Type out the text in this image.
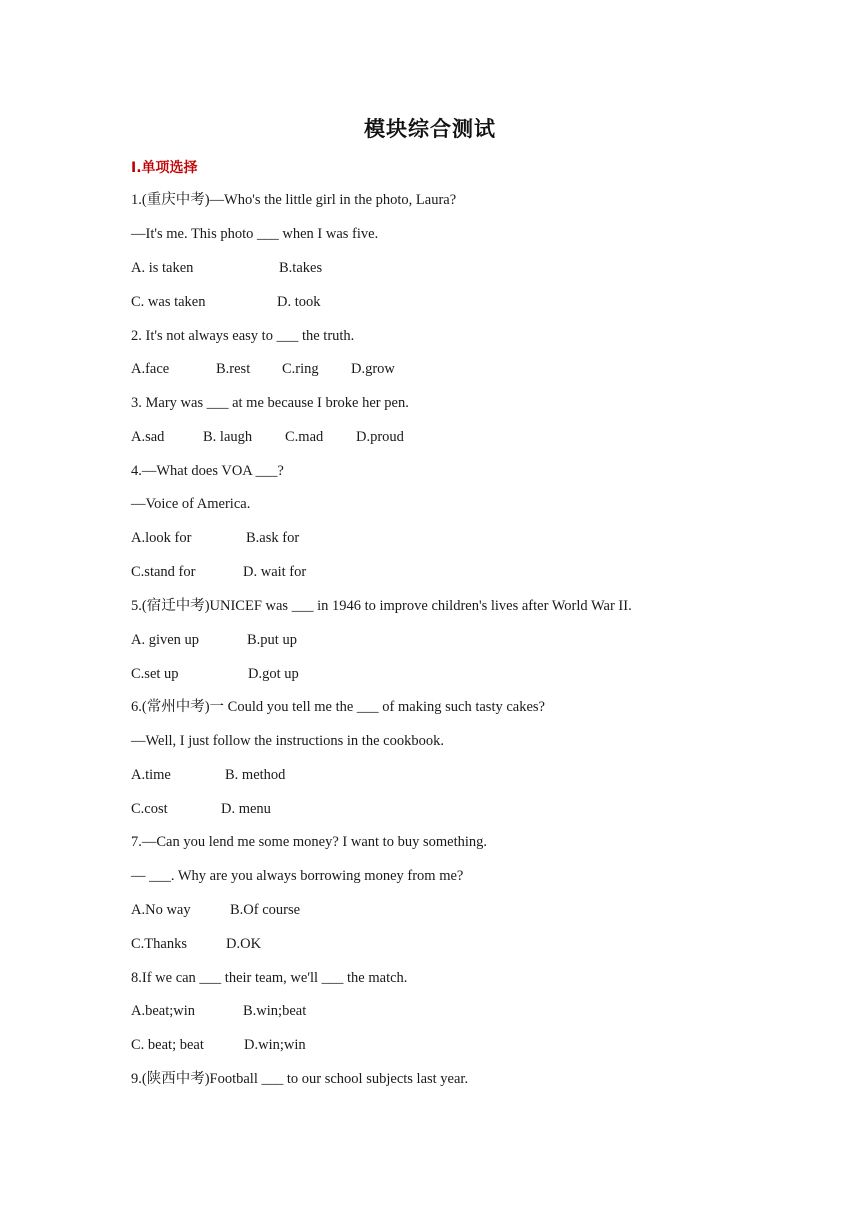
模块综合测试
I.单项选择
1.(重庆中考)—Who's the little girl in the photo, Laura?
—It's me. This photo ___ when I was five.
A. is taken	B.takes
C. was taken	D. took
2. It's not always easy to ___ the truth.
A.face	B.rest C.ring D.grow
3. Mary was ___ at me because I broke her pen.
A.sad	B. laugh C.mad D.proud
4.—What does VOA ___?
—Voice of America.
A.look for	B.ask for
C.stand for	D. wait for
5.(宿迁中考)UNICEF was ___ in 1946 to improve children's lives after World War II.
A. given up	B.put up
C.set up	D.got up
6.(常州中考)一 Could you tell me the ___ of making such tasty cakes?
—Well, I just follow the instructions in the cookbook.
A.time	B. method
C.cost	D. menu
7.—Can you lend me some money? I want to buy something.
— ___. Why are you always borrowing money from me?
A.No way	B.Of course
C.Thanks	D.OK
8.If we can ___ their team, we'll ___ the match.
A.beat;win	B.win;beat
C. beat; beat	D.win;win
9.(陕西中考)Football ___ to our school subjects last year.
